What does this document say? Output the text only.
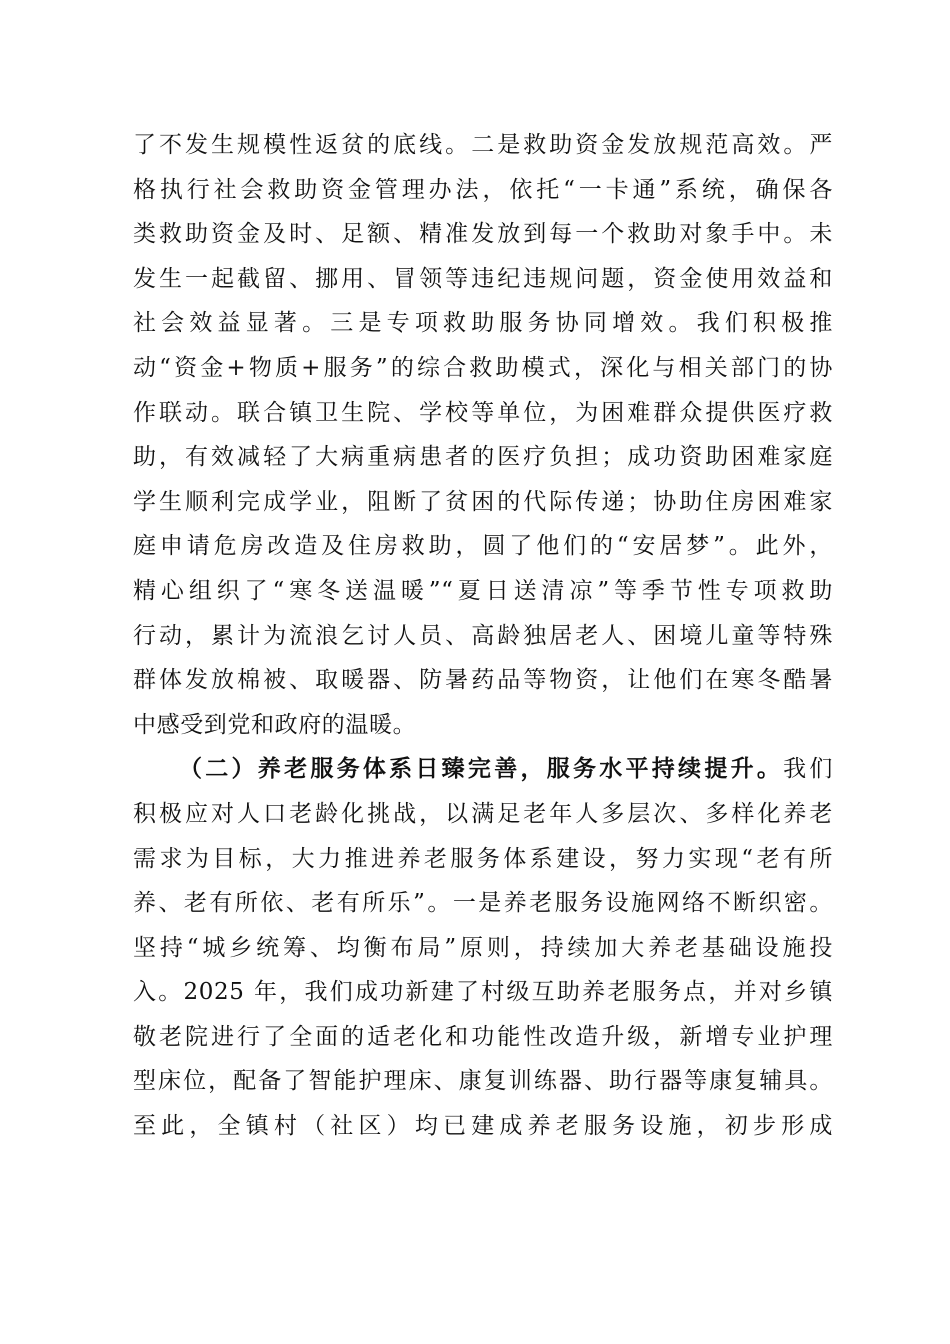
了不发生规模性返贫的底线。二是救助资金发放规范高效。严
格执行社会救助资金管理办法，依托“一卡通”系统，确保各
类救助资金及时、足额、精准发放到每一个救助对象手中。未
发生一起截留、挪用、冒领等违纪违规问题，资金使用效益和
社会效益显著。三是专项救助服务协同增效。我们积极推
动“资金+物质+服务”的综合救助模式，深化与相关部门的协
作联动。联合镇卫生院、学校等单位，为困难群众提供医疗救
助，有效减轻了大病重病患者的医疗负担；成功资助困难家庭
学生顺利完成学业，阻断了贫困的代际传递；协助住房困难家
庭申请危房改造及住房救助，圆了他们的“安居梦”。此外，
精心组织了“寒冬送温暖”“夏日送清凉”等季节性专项救助
行动，累计为流浪乞讨人员、高龄独居老人、困境儿童等特殊
群体发放棉被、取暖器、防暑药品等物资，让他们在寒冬酷暑
中感受到党和政府的温暖。
（二）养老服务体系日臻完善，服务水平持续提升。我们
积极应对人口老龄化挑战，以满足老年人多层次、多样化养老
需求为目标，大力推进养老服务体系建设，努力实现“老有所
养、老有所依、老有所乐”。一是养老服务设施网络不断织密。
坚持“城乡统筹、均衡布局”原则，持续加大养老基础设施投
入。2025 年，我们成功新建了村级互助养老服务点，并对乡镇
敬老院进行了全面的适老化和功能性改造升级，新增专业护理
型床位，配备了智能护理床、康复训练器、助行器等康复辅具。
至此，全镇村（社区）均已建成养老服务设施，初步形成
